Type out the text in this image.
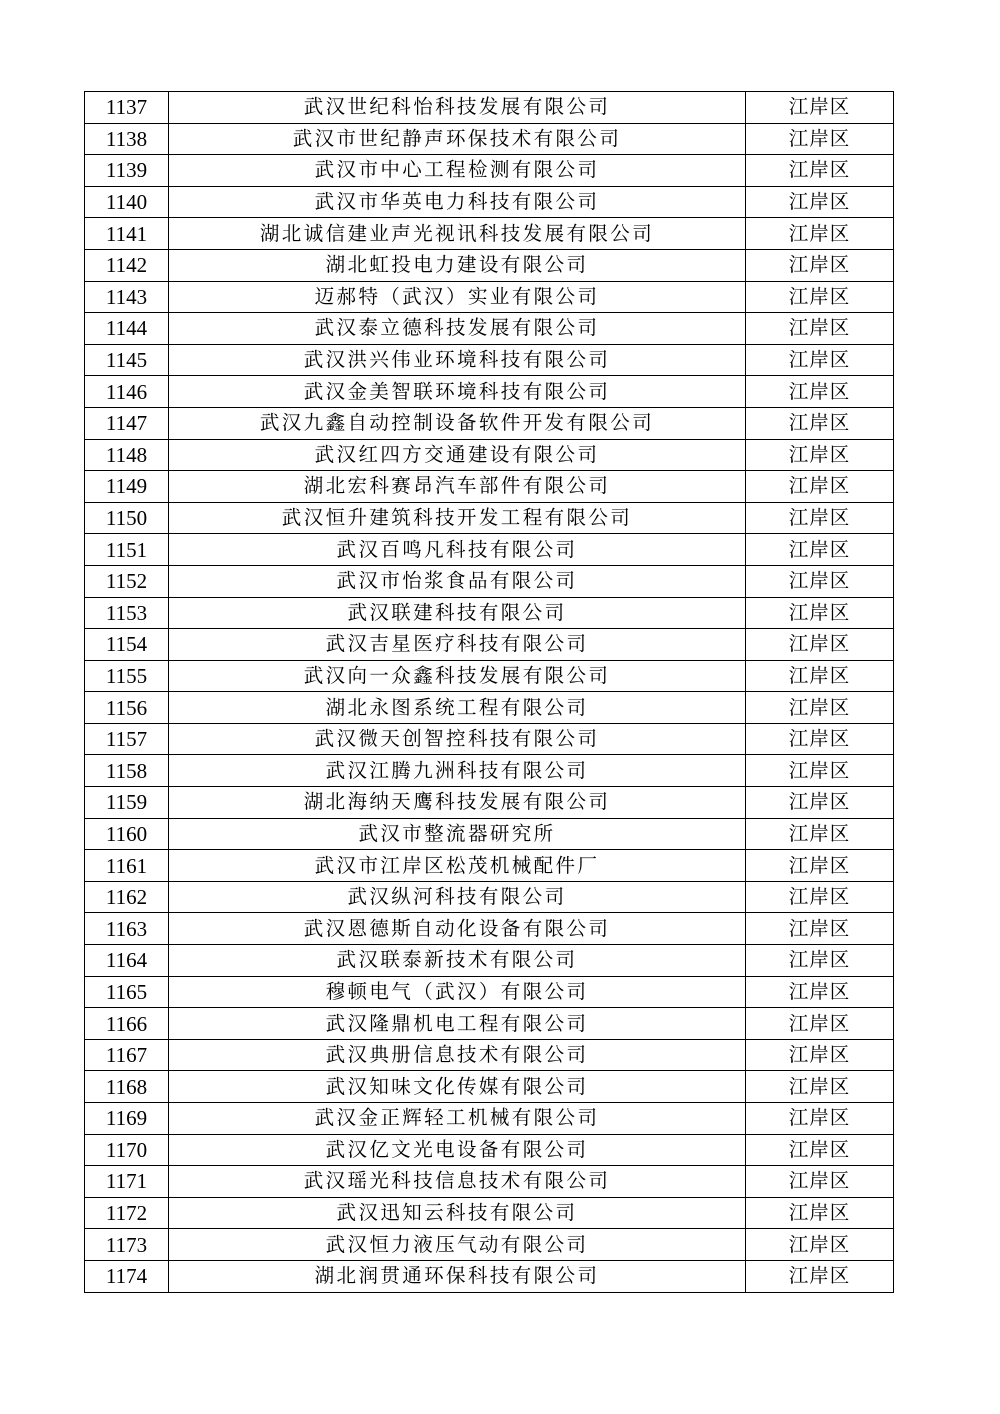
1137	武汉世纪科怡科技发展有限公司	江岸区
1138	武汉市世纪静声环保技术有限公司	江岸区
1139	武汉市中心工程检测有限公司	江岸区
1140	武汉市华英电力科技有限公司	江岸区
1141	湖北诚信建业声光视讯科技发展有限公司	江岸区
1142	湖北虹投电力建设有限公司	江岸区
1143	迈郝特（武汉）实业有限公司	江岸区
1144	武汉泰立德科技发展有限公司	江岸区
1145	武汉洪兴伟业环境科技有限公司	江岸区
1146	武汉金美智联环境科技有限公司	江岸区
1147	武汉九鑫自动控制设备软件开发有限公司	江岸区
1148	武汉红四方交通建设有限公司	江岸区
1149	湖北宏科赛昂汽车部件有限公司	江岸区
1150	武汉恒升建筑科技开发工程有限公司	江岸区
1151	武汉百鸣凡科技有限公司	江岸区
1152	武汉市怡浆食品有限公司	江岸区
1153	武汉联建科技有限公司	江岸区
1154	武汉吉星医疗科技有限公司	江岸区
1155	武汉向一众鑫科技发展有限公司	江岸区
1156	湖北永图系统工程有限公司	江岸区
1157	武汉微天创智控科技有限公司	江岸区
1158	武汉江腾九洲科技有限公司	江岸区
1159	湖北海纳天鹰科技发展有限公司	江岸区
1160	武汉市整流器研究所	江岸区
1161	武汉市江岸区松茂机械配件厂	江岸区
1162	武汉纵河科技有限公司	江岸区
1163	武汉恩德斯自动化设备有限公司	江岸区
1164	武汉联泰新技术有限公司	江岸区
1165	穆顿电气（武汉）有限公司	江岸区
1166	武汉隆鼎机电工程有限公司	江岸区
1167	武汉典册信息技术有限公司	江岸区
1168	武汉知味文化传媒有限公司	江岸区
1169	武汉金正辉轻工机械有限公司	江岸区
1170	武汉亿文光电设备有限公司	江岸区
1171	武汉瑶光科技信息技术有限公司	江岸区
1172	武汉迅知云科技有限公司	江岸区
1173	武汉恒力液压气动有限公司	江岸区
1174	湖北润贯通环保科技有限公司	江岸区
